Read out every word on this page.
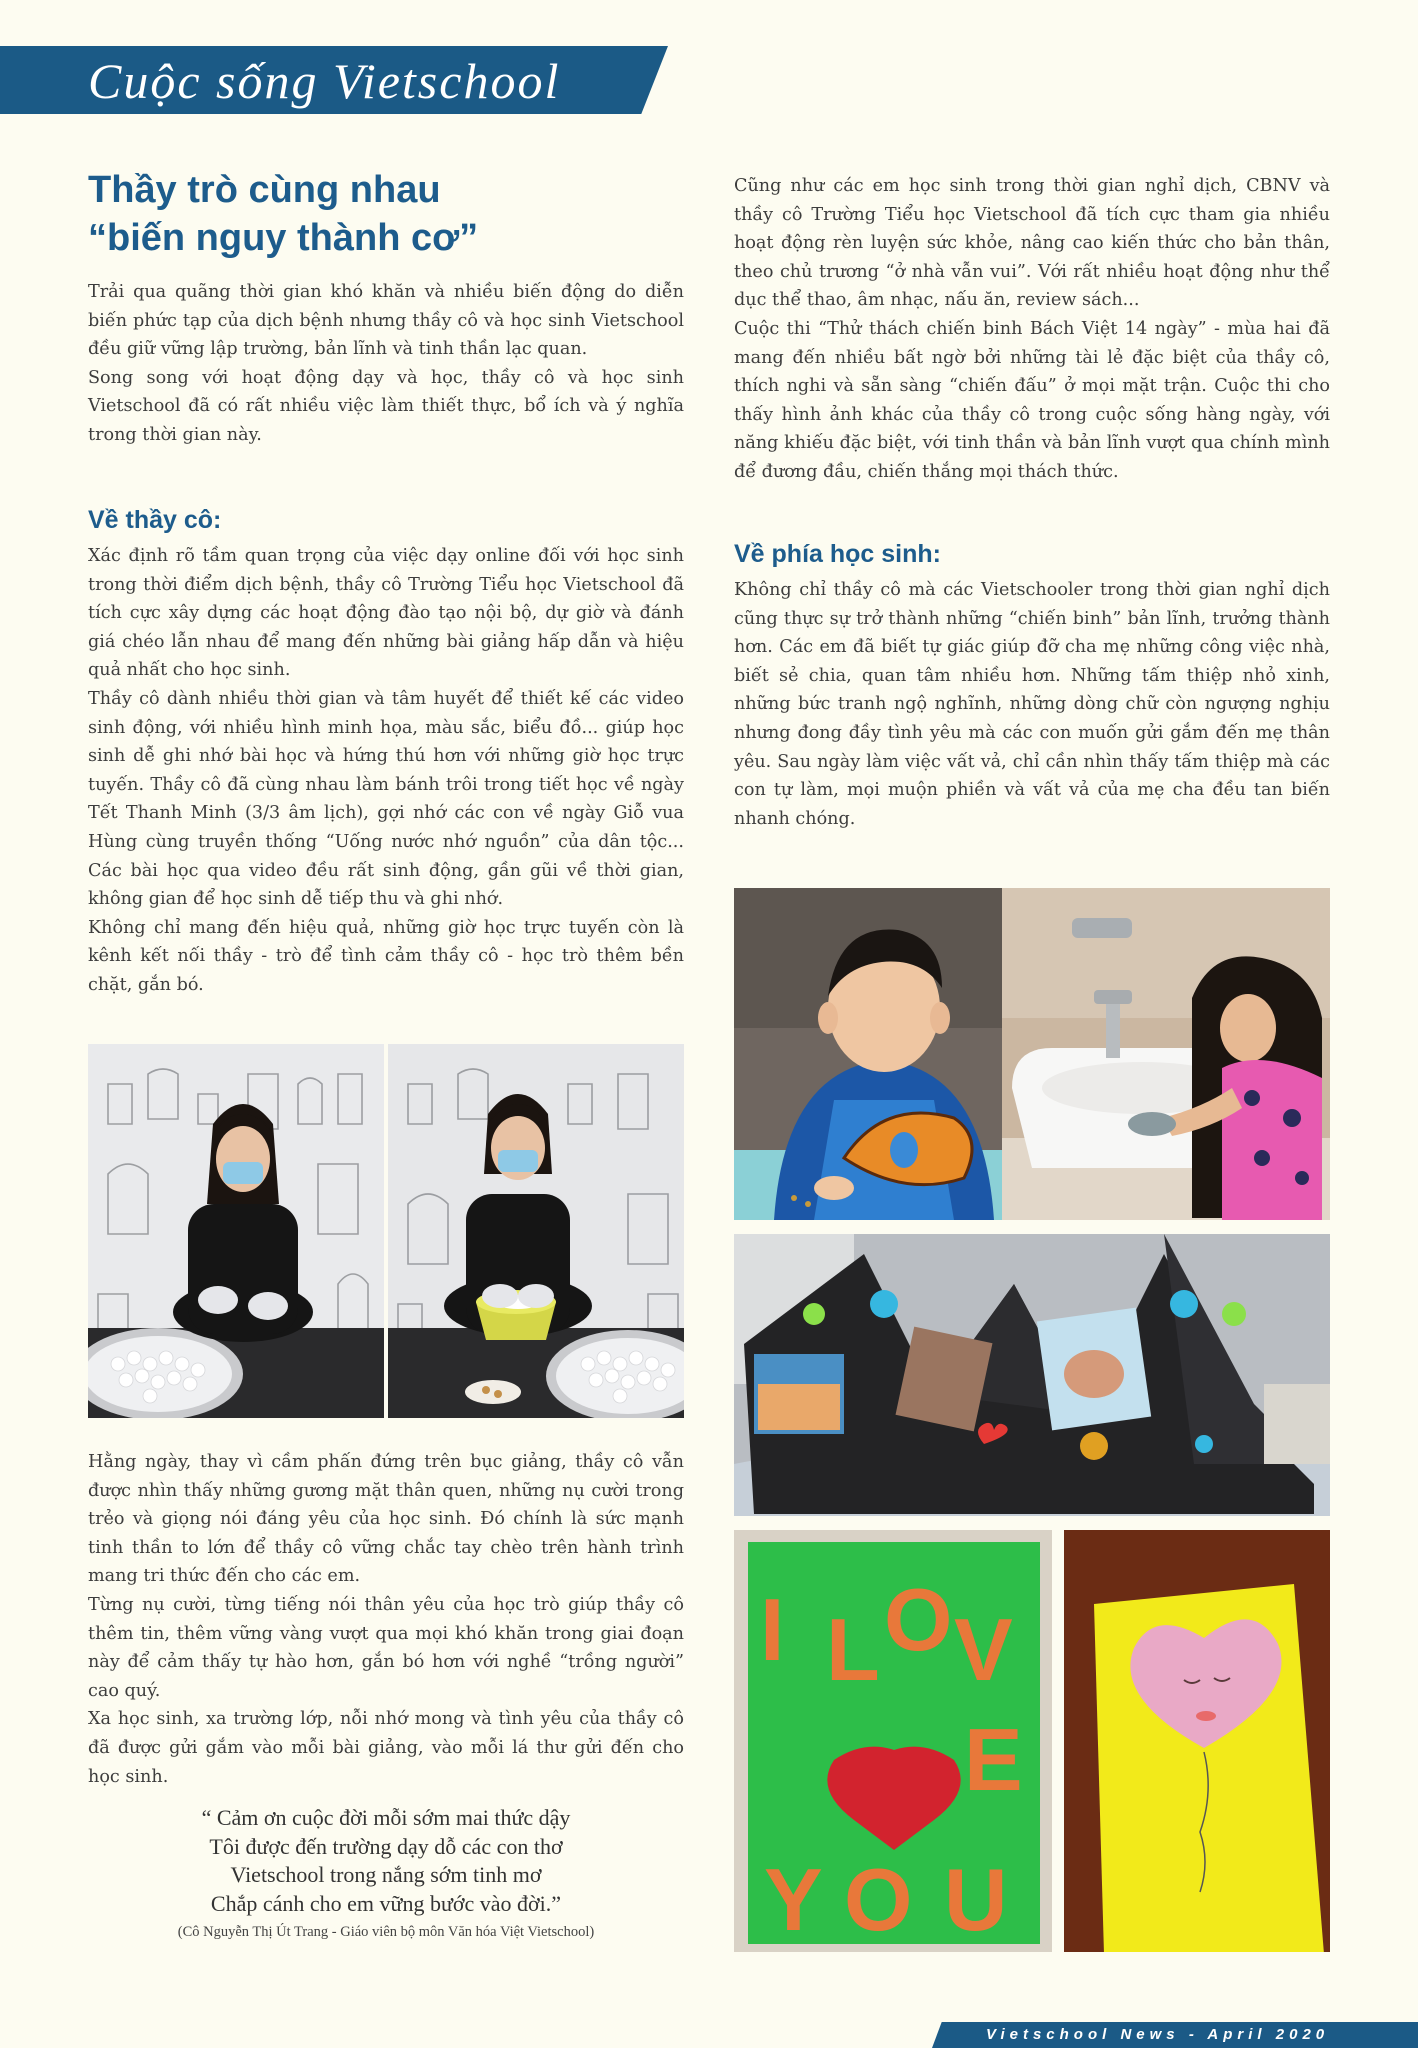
Cuộc sống Vietschool
Thầy trò cùng nhau
“biến nguy thành cơ”

Trải qua quãng thời gian khó khăn và nhiều biến động do diễn biến phức tạp của dịch bệnh nhưng thầy cô và học sinh Vietschool đều giữ vững lập trường, bản lĩnh và tinh thần lạc quan.

Song song với hoạt động dạy và học, thầy cô và học sinh Vietschool đã có rất nhiều việc làm thiết thực, bổ ích và ý nghĩa trong thời gian này.

Về thầy cô:

Xác định rõ tầm quan trọng của việc dạy online đối với học sinh trong thời điểm dịch bệnh, thầy cô Trường Tiểu học Vietschool đã tích cực xây dựng các hoạt động đào tạo nội bộ, dự giờ và đánh giá chéo lẫn nhau để mang đến những bài giảng hấp dẫn và hiệu quả nhất cho học sinh.

Thầy cô dành nhiều thời gian và tâm huyết để thiết kế các video sinh động, với nhiều hình minh họa, màu sắc, biểu đồ... giúp học sinh dễ ghi nhớ bài học và hứng thú hơn với những giờ học trực tuyến. Thầy cô đã cùng nhau làm bánh trôi trong tiết học về ngày Tết Thanh Minh (3/3 âm lịch), gợi nhớ các con về ngày Giỗ vua Hùng cùng truyền thống “Uống nước nhớ nguồn” của dân tộc... Các bài học qua video đều rất sinh động, gần gũi về thời gian, không gian để học sinh dễ tiếp thu và ghi nhớ.

Không chỉ mang đến hiệu quả, những giờ học trực tuyến còn là kênh kết nối thầy - trò để tình cảm thầy cô - học trò thêm bền chặt, gắn bó.

Hằng ngày, thay vì cầm phấn đứng trên bục giảng, thầy cô vẫn được nhìn thấy những gương mặt thân quen, những nụ cười trong trẻo và giọng nói đáng yêu của học sinh. Đó chính là sức mạnh tinh thần to lớn để thầy cô vững chắc tay chèo trên hành trình mang tri thức đến cho các em.

Từng nụ cười, từng tiếng nói thân yêu của học trò giúp thầy cô thêm tin, thêm vững vàng vượt qua mọi khó khăn trong giai đoạn này để cảm thấy tự hào hơn, gắn bó hơn với nghề “trồng người” cao quý.

Xa học sinh, xa trường lớp, nỗi nhớ mong và tình yêu của thầy cô đã được gửi gắm vào mỗi bài giảng, vào mỗi lá thư gửi đến cho học sinh.

“ Cảm ơn cuộc đời mỗi sớm mai thức dậy
Tôi được đến trường dạy dỗ các con thơ
Vietschool trong nắng sớm tinh mơ
Chắp cánh cho em vững bước vào đời.”
(Cô Nguyễn Thị Út Trang - Giáo viên bộ môn Văn hóa Việt Vietschool)

Cũng như các em học sinh trong thời gian nghỉ dịch, CBNV và thầy cô Trường Tiểu học Vietschool đã tích cực tham gia nhiều hoạt động rèn luyện sức khỏe, nâng cao kiến thức cho bản thân, theo chủ trương “ở nhà vẫn vui”. Với rất nhiều hoạt động như thể dục thể thao, âm nhạc, nấu ăn, review sách...

Cuộc thi “Thử thách chiến binh Bách Việt 14 ngày” - mùa hai đã mang đến nhiều bất ngờ bởi những tài lẻ đặc biệt của thầy cô, thích nghi và sẵn sàng “chiến đấu” ở mọi mặt trận. Cuộc thi cho thấy hình ảnh khác của thầy cô trong cuộc sống hàng ngày, với năng khiếu đặc biệt, với tinh thần và bản lĩnh vượt qua chính mình để đương đầu, chiến thắng mọi thách thức.

Về phía học sinh:

Không chỉ thầy cô mà các Vietschooler trong thời gian nghỉ dịch cũng thực sự trở thành những “chiến binh” bản lĩnh, trưởng thành hơn. Các em đã biết tự giác giúp đỡ cha mẹ những công việc nhà, biết sẻ chia, quan tâm nhiều hơn. Những tấm thiệp nhỏ xinh, những bức tranh ngộ nghĩnh, những dòng chữ còn ngượng nghịu nhưng đong đầy tình yêu mà các con muốn gửi gắm đến mẹ thân yêu. Sau ngày làm việc vất vả, chỉ cần nhìn thấy tấm thiệp mà các con tự làm, mọi muộn phiền và vất vả của mẹ cha đều tan biến nhanh chóng.

I L O V
E
Y O U
Vietschool News - April 2020
